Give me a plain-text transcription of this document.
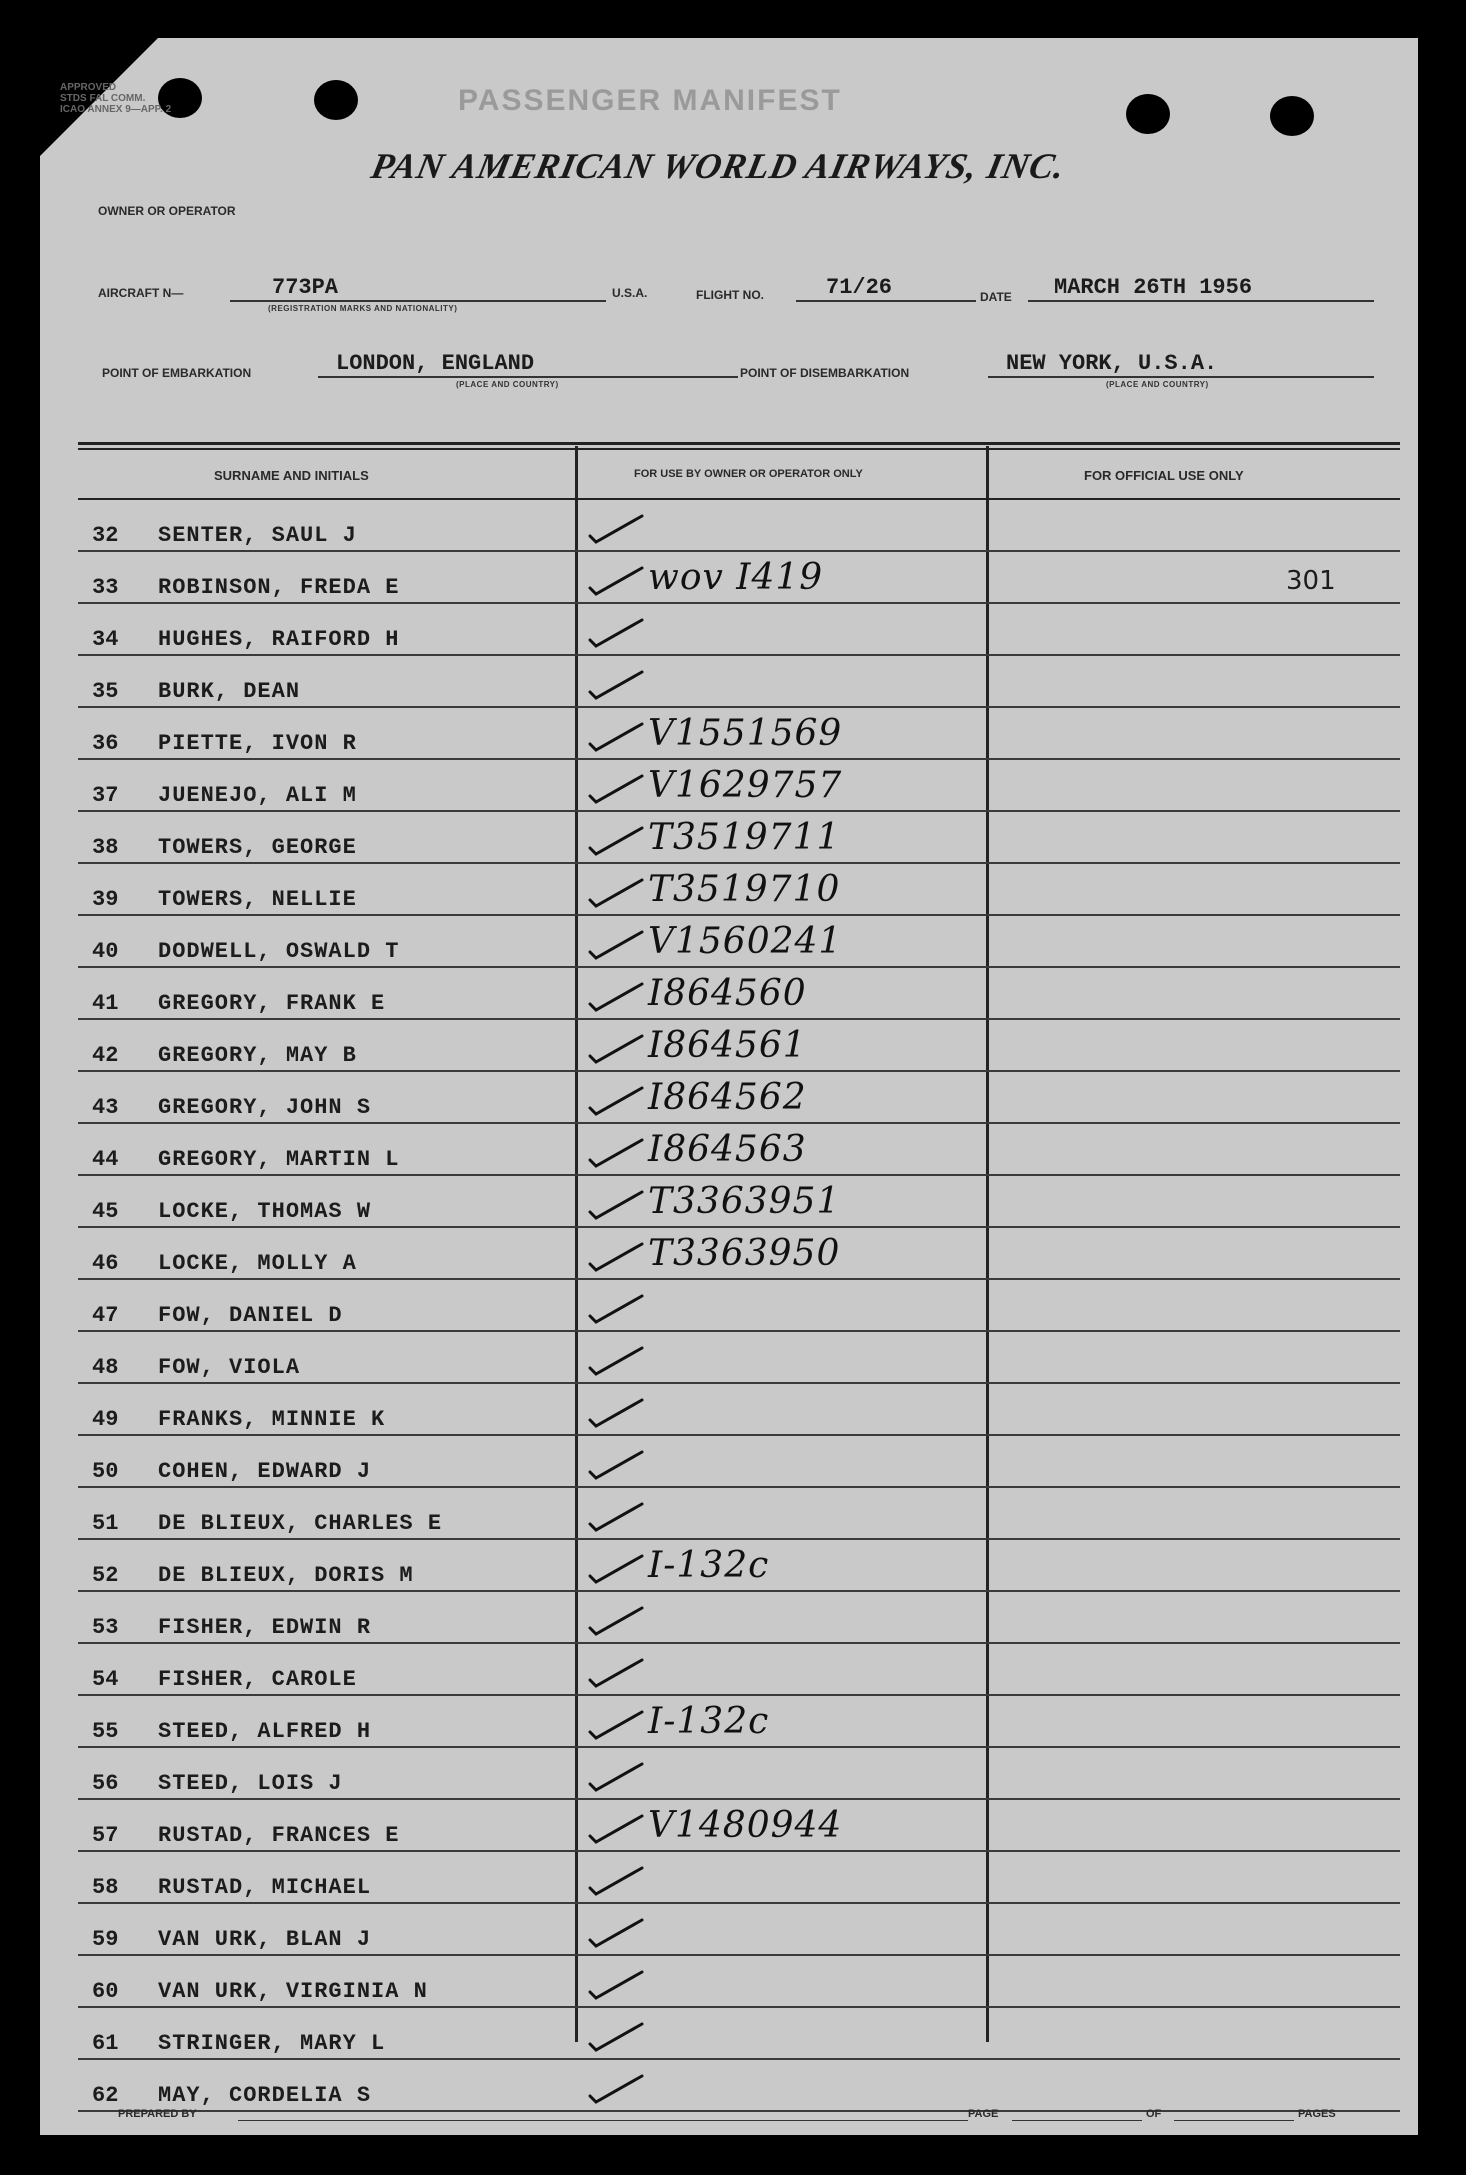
APPROVED
STDS FAL COMM.
ICAO ANNEX 9—APP. 2	PASSENGER MANIFEST
OWNER OR OPERATOR
PAN AMERICAN WORLD AIRWAYS, INC.
AIRCRAFT N—	773PA
(REGISTRATION MARKS AND NATIONALITY)
U.S.A.	FLIGHT NO.	71/26	DATE MARCH 26TH 1956
POINT OF EMBARKATION	LONDON, ENGLAND
(PLACE AND COUNTRY)
POINT OF DISEMBARKATION	NEW YORK, U.S.A.
(PLACE AND COUNTRY)
SURNAME AND INITIALS	FOR USE BY OWNER OR OPERATOR ONLY	FOR OFFICIAL USE ONLY
32	SENTER, SAUL J
33	ROBINSON, FREDA E	wov I419	301
34	HUGHES, RAIFORD H
35	BURK, DEAN
36	PIETTE, IVON R	V1551569
37	JUENEJO, ALI M	V1629757
38	TOWERS, GEORGE	T3519711
39	TOWERS, NELLIE	T3519710
40	DODWELL, OSWALD T	V1560241
41	GREGORY, FRANK E	I864560
42	GREGORY, MAY B	I864561
43	GREGORY, JOHN S	I864562
44	GREGORY, MARTIN L	I864563
45	LOCKE, THOMAS W	T3363951
46	LOCKE, MOLLY A	T3363950
47	FOW, DANIEL D
48	FOW, VIOLA
49	FRANKS, MINNIE K
50	COHEN, EDWARD J
51	DE BLIEUX, CHARLES E
52	DE BLIEUX, DORIS M	I-132c
53	FISHER, EDWIN R
54	FISHER, CAROLE
55	STEED, ALFRED H	I-132c
56	STEED, LOIS J
57	RUSTAD, FRANCES E	V1480944
58	RUSTAD, MICHAEL
59	VAN URK, BLAN J
60	VAN URK, VIRGINIA N
61	STRINGER, MARY L
62	MAY, CORDELIA S
PREPARED BY	PAGE	OF	PAGES
